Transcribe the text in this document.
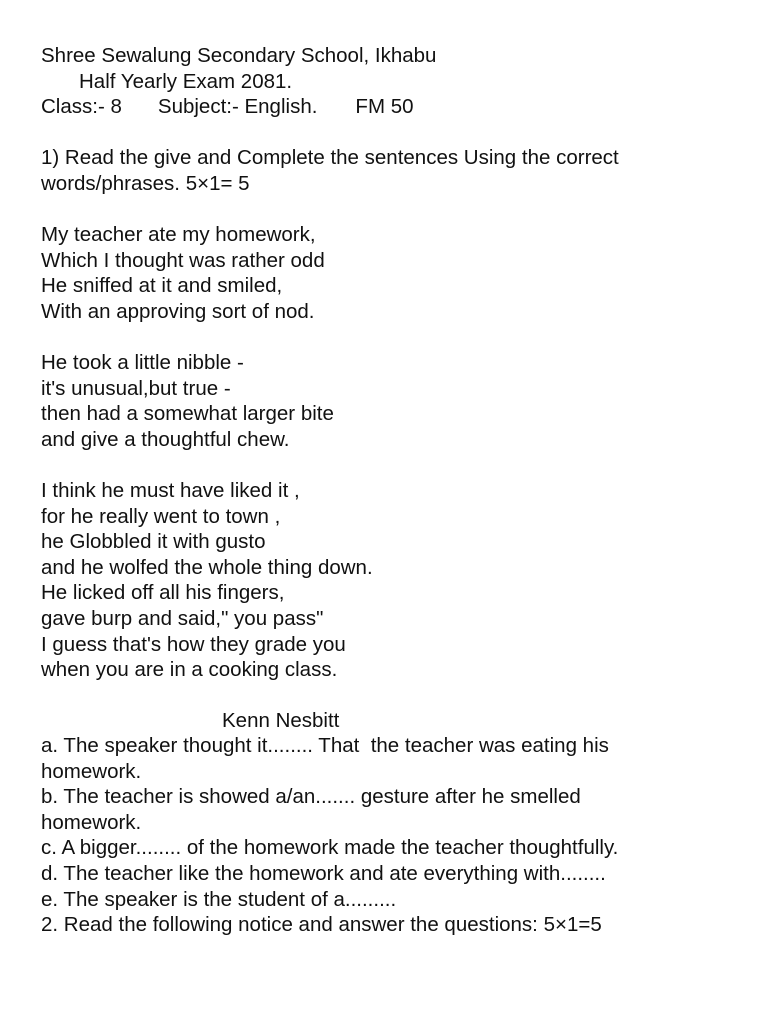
Shree Sewalung Secondary School, Ikhabu
Half Yearly Exam 2081.
Class:- 8 Subject:- English. FM 50
1) Read the give and Complete the sentences Using the correct
words/phrases. 5×1= 5
My teacher ate my homework,
Which I thought was rather odd
He sniffed at it and smiled,
With an approving sort of nod.
He took a little nibble -
it's unusual,but true -
then had a somewhat larger bite
and give a thoughtful chew.
I think he must have liked it ,
for he really went to town ,
he Globbled it with gusto
and he wolfed the whole thing down.
He licked off all his fingers,
gave burp and said," you pass"
I guess that's how they grade you
when you are in a cooking class.
Kenn Nesbitt
a. The speaker thought it........ That  the teacher was eating his
homework.
b. The teacher is showed a/an....... gesture after he smelled
homework.
c. A bigger........ of the homework made the teacher thoughtfully.
d. The teacher like the homework and ate everything with........
e. The speaker is the student of a.........
2. Read the following notice and answer the questions: 5×1=5
